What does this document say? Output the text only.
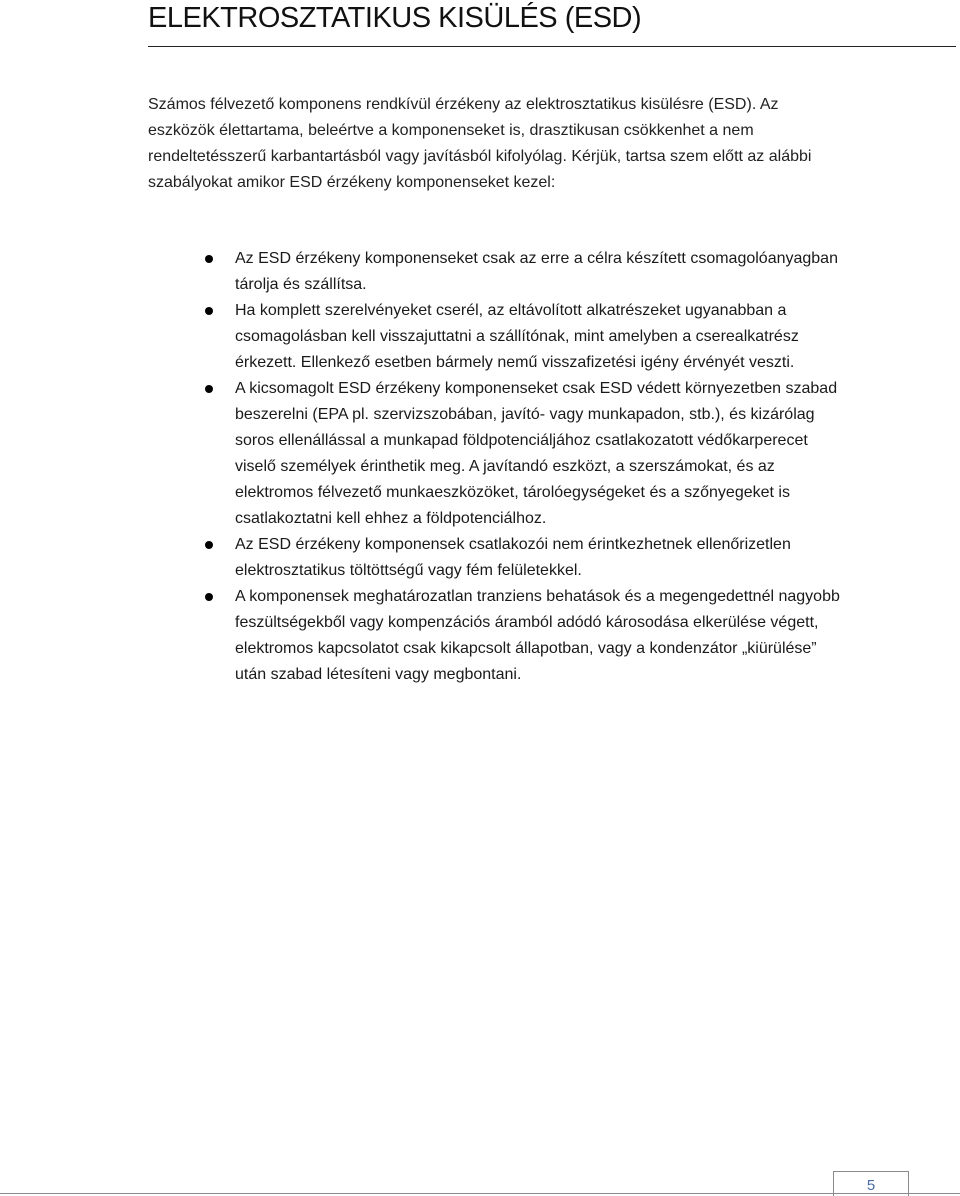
ELEKTROSZTATIKUS KISÜLÉS (ESD)

Számos félvezető komponens rendkívül érzékeny az elektrosztatikus kisülésre (ESD). Az eszközök élettartama, beleértve a komponenseket is, drasztikusan csökkenhet a nem rendeltetésszerű karbantartásból vagy javításból kifolyólag. Kérjük, tartsa szem előtt az alábbi szabályokat amikor ESD érzékeny komponenseket kezel:

Az ESD érzékeny komponenseket csak az erre a célra készített csomagolóanyagban tárolja és szállítsa.
Ha komplett szerelvényeket cserél, az eltávolított alkatrészeket ugyanabban a csomagolásban kell visszajuttatni a szállítónak, mint amelyben a cserealkatrész érkezett. Ellenkező esetben bármely nemű visszafizetési igény érvényét veszti.
A kicsomagolt ESD érzékeny komponenseket csak ESD védett környezetben szabad beszerelni (EPA pl. szervizszobában, javító- vagy munkapadon, stb.), és kizárólag soros ellenállással a munkapad földpotenciáljához csatlakozatott védőkarperecet viselő személyek érinthetik meg. A javítandó eszközt, a szerszámokat, és az elektromos félvezető munkaeszközöket, tárolóegységeket és a szőnyegeket is csatlakoztatni kell ehhez a földpotenciálhoz.
Az ESD érzékeny komponensek csatlakozói nem érintkezhetnek ellenőrizetlen elektrosztatikus töltöttségű vagy fém felületekkel.
A komponensek meghatározatlan tranziens behatások és a megengedettnél nagyobb feszültségekből vagy kompenzációs áramból adódó károsodása elkerülése végett, elektromos kapcsolatot csak kikapcsolt állapotban, vagy a kondenzátor „kiürülése” után szabad létesíteni vagy megbontani.
5
